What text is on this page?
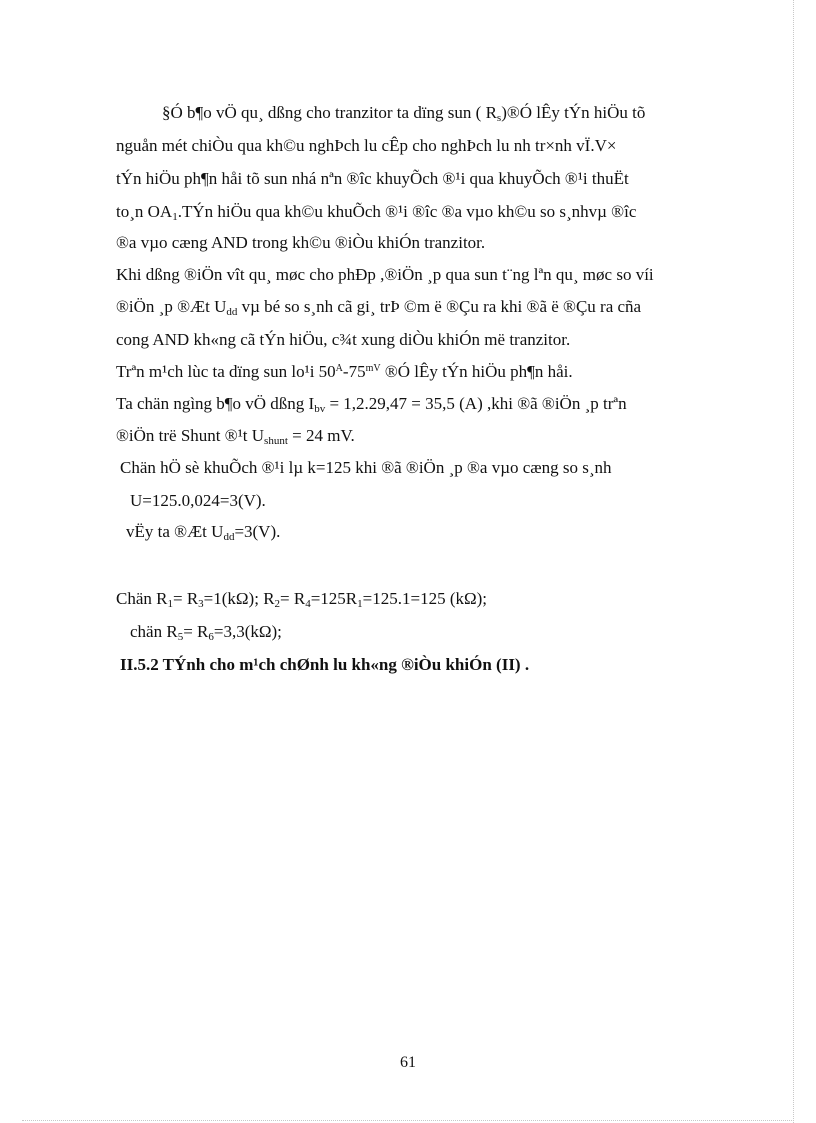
§Ó b¶o vÖ qu¸ dßng cho tranzitor ta dïng sun ( $R_s)®Ó$ lÊy tÝn hiÖu tõ
nguån mét chiÒu qua kh©u nghÞch lu cÊp cho nghÞch lu nh tr×nh vÏ.V×
tÝn hiÖu ph¶n håi tõ sun nhá nªn ®îc khuyÕch ®¹i qua khuyÕch ®¹i thuËt
to¸n $OA_1.TÝn$ hiÖu qua kh©u khuÕch ®¹i ®îc ®a vµo kh©u so s¸nhvµ ®îc
®a vµo cæng AND trong kh©u ®iÒu khiÓn tranzitor.
Khi dßng ®iÖn vît qu¸ møc cho phÐp ,®iÖn ¸p qua sun t¨ng lªn qu¸ møc so víi
®iÖn ¸p ®Æt $U_{dd}$ vµ bé so s¸nh cã gi¸ trÞ ©m ë ®Çu ra khi ®ã ë ®Çu ra cña
cong AND kh«ng cã tÝn hiÖu, c¾t xung diÒu khiÓn më tranzitor.
Trªn m¹ch lùc ta dïng sun lo¹i $50^A-75^{mV}$ ®Ó lÊy tÝn hiÖu ph¶n håi.
Ta chän ngìng b¶o vÖ dßng $I_{bv} = 1,2.29,47 = 35,5$ (A) ,khi ®ã ®iÖn ¸p trªn
®iÖn trë Shunt ®¹t $U_{shunt} = 24$ mV.
Chän hÖ sè khuÕch ®¹i lµ k=125 khi ®ã ®iÖn ¸p ®a vµo cæng so s¸nh
U=125.0,024=3(V).
vËy ta ®Æt $U_{dd}=3(V)$.
Chän $R_1= R_3=1(k\Omega)$; $R_2= R_4=125R_1=125.1=125$ (kΩ);
chän $R_5= R_6=3,3(k\Omega)$;
II.5.2 TÝnh cho m¹ch chØnh lu kh«ng ®iÒu khiÓn (II) .
61
